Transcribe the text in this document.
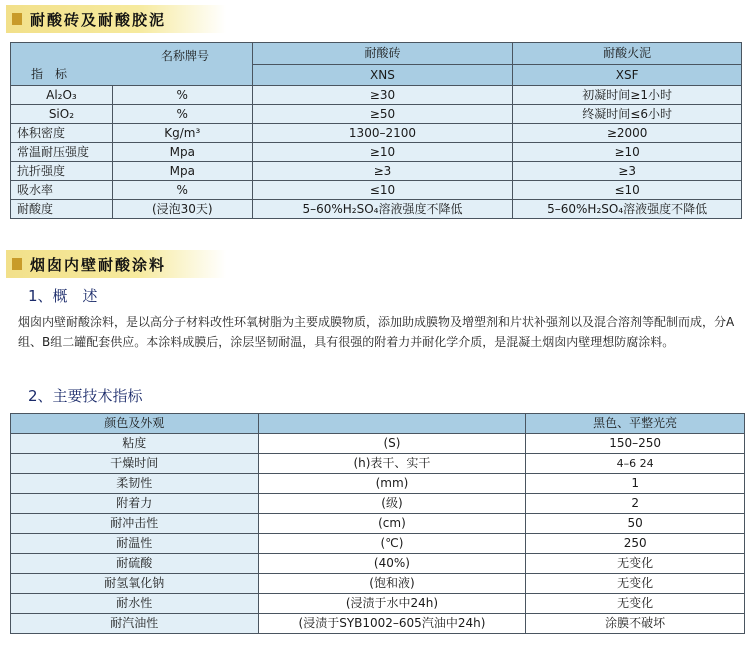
耐酸砖及耐酸胶泥
名称牌号
指　标		耐酸砖	耐酸火泥
		XNS	XSF
Al₂O₃	%	≥30	初凝时间≥1小时
SiO₂	%	≥50	终凝时间≤6小时
体积密度	Kg/m³	1300–2100	≥2000
常温耐压强度	Mpa	≥10	≥10
抗折强度	Mpa	≥3	≥3
吸水率	%	≤10	≤10
耐酸度	(浸泡30天)	5–60%H₂SO₄溶液强度不降低	5–60%H₂SO₄溶液强度不降低
烟囱内壁耐酸涂料
1、概　述
烟囱内壁耐酸涂料，是以高分子材料改性环氧树脂为主要成膜物质，添加助成膜物及增塑剂和片状补强剂以及混合溶剂等配制而成，分A组、B组二罐配套供应。本涂料成膜后，涂层坚韧耐温，具有很强的附着力并耐化学介质，是混凝土烟囱内壁理想防腐涂料。
2、主要技术指标
颜色及外观		黑色、平整光亮
粘度	(S)	150–250
干燥时间	(h)表干、实干	4–6 24
柔韧性	(mm)	1
附着力	(级)	2
耐冲击性	(cm)	50
耐温性	(℃)	250
耐硫酸	(40%)	无变化
耐氢氧化钠	(饱和液)	无变化
耐水性	(浸渍于水中24h)	无变化
耐汽油性	(浸渍于SYB1002–605汽油中24h)	涂膜不破坏
